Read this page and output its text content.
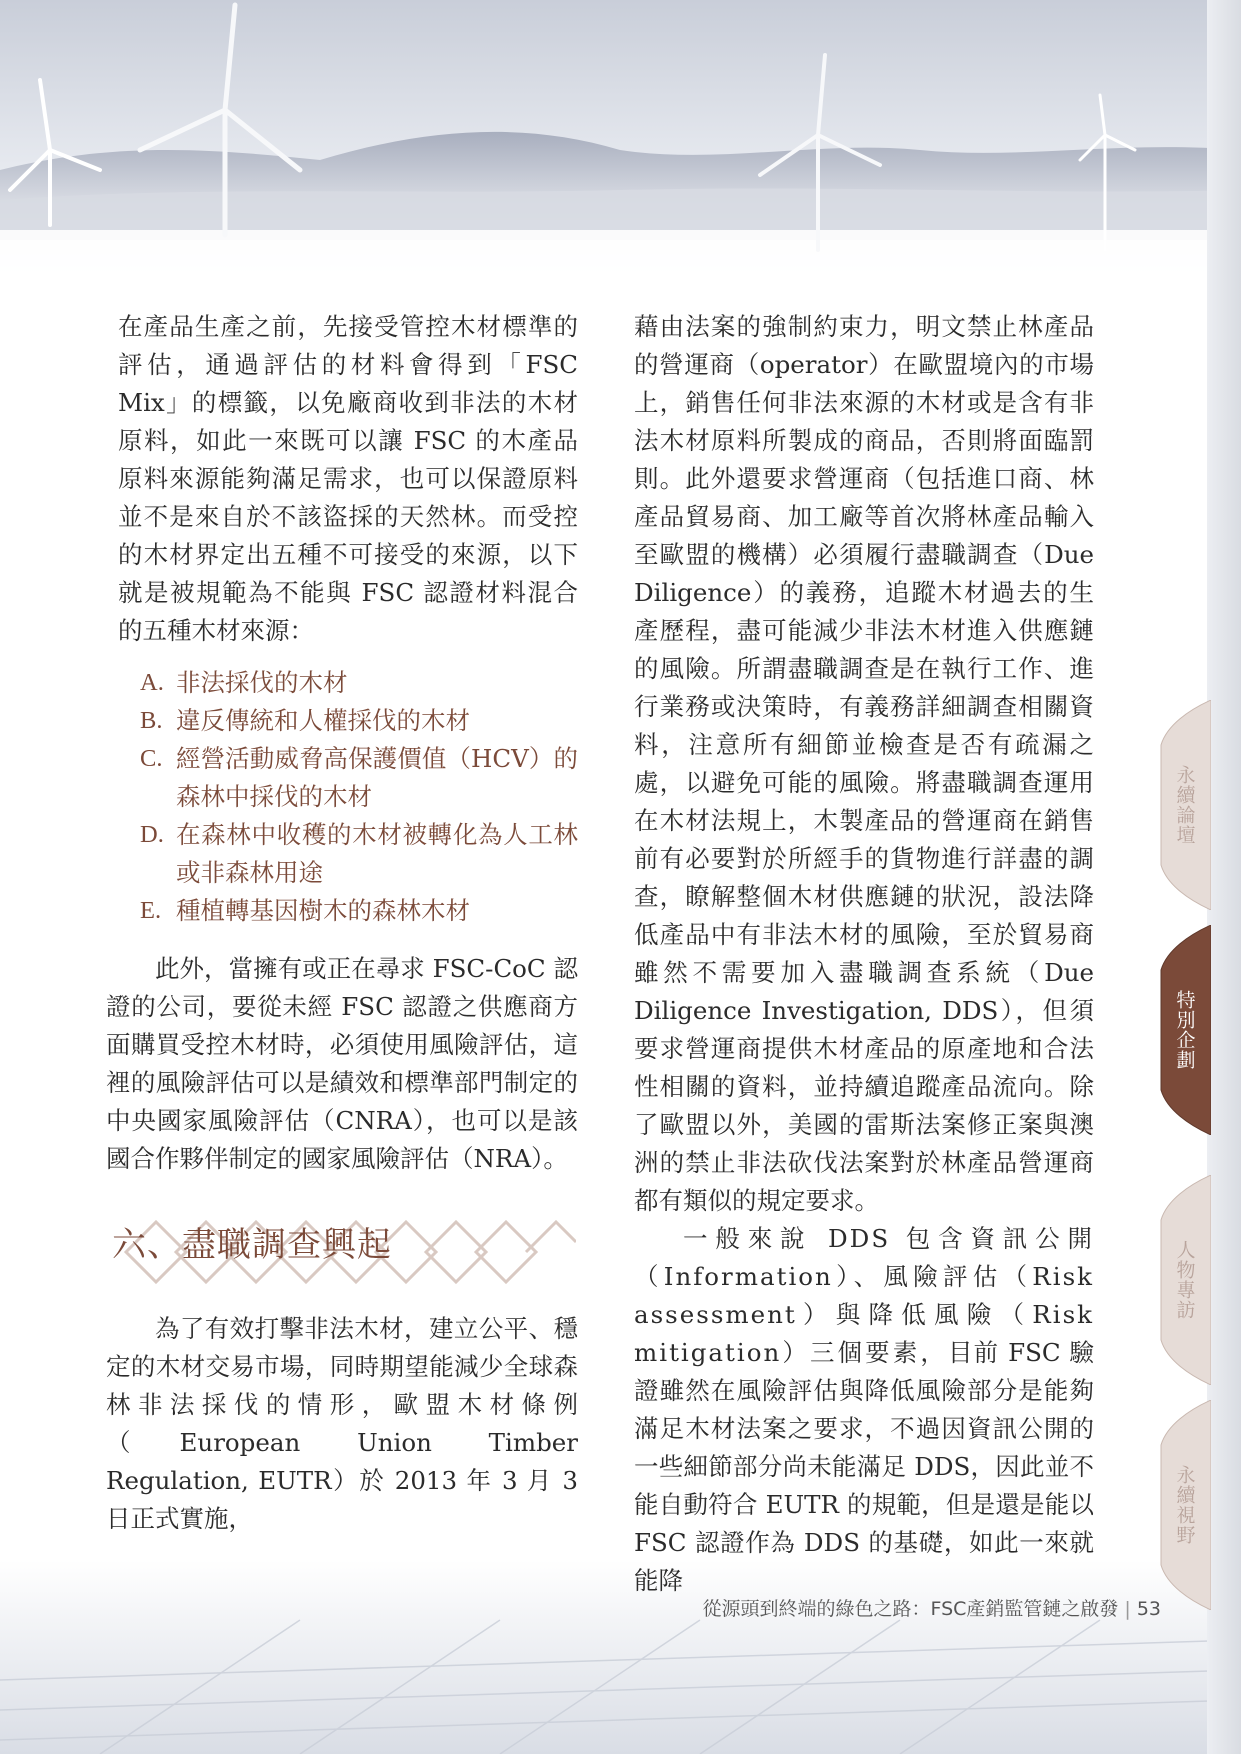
在產品生產之前，先接受管控木材標準的評估，通過評估的材料會得到「FSC Mix」的標籤，以免廠商收到非法的木材原料，如此一來既可以讓 FSC 的木產品原料來源能夠滿足需求，也可以保證原料並不是來自於不該盜採的天然林。而受控的木材界定出五種不可接受的來源，以下就是被規範為不能與 FSC 認證材料混合的五種木材來源：

A. 非法採伐的木材
B. 違反傳統和人權採伐的木材
C. 經營活動威脅高保護價值（HCV）的森林中採伐的木材
D. 在森林中收穫的木材被轉化為人工林或非森林用途
E. 種植轉基因樹木的森林木材

此外，當擁有或正在尋求 FSC-CoC 認證的公司，要從未經 FSC 認證之供應商方面購買受控木材時，必須使用風險評估，這裡的風險評估可以是績效和標準部門制定的中央國家風險評估（CNRA），也可以是該國合作夥伴制定的國家風險評估（NRA）。

六、盡職調查興起

為了有效打擊非法木材，建立公平、穩定的木材交易市場，同時期望能減少全球森林非法採伐的情形，歐盟木材條例（European Union Timber Regulation, EUTR）於 2013 年 3 月 3 日正式實施，

藉由法案的強制約束力，明文禁止林產品的營運商（operator）在歐盟境內的市場上，銷售任何非法來源的木材或是含有非法木材原料所製成的商品，否則將面臨罰則。此外還要求營運商（包括進口商、林產品貿易商、加工廠等首次將林產品輸入至歐盟的機構）必須履行盡職調查（Due Diligence）的義務，追蹤木材過去的生產歷程，盡可能減少非法木材進入供應鏈的風險。所謂盡職調查是在執行工作、進行業務或決策時，有義務詳細調查相關資料，注意所有細節並檢查是否有疏漏之處，以避免可能的風險。將盡職調查運用在木材法規上，木製產品的營運商在銷售前有必要對於所經手的貨物進行詳盡的調查，瞭解整個木材供應鏈的狀況，設法降低產品中有非法木材的風險，至於貿易商雖然不需要加入盡職調查系統（Due Diligence Investigation, DDS），但須要求營運商提供木材產品的原產地和合法性相關的資料，並持續追蹤產品流向。除了歐盟以外，美國的雷斯法案修正案與澳洲的禁止非法砍伐法案對於林產品營運商都有類似的規定要求。

一般來說 DDS 包含資訊公開（Information）、風險評估（Risk assessment）與降低風險（Risk mitigation）三個要素，目前 FSC 驗證雖然在風險評估與降低風險部分是能夠滿足木材法案之要求，不過因資訊公開的一些細節部分尚未能滿足 DDS，因此並不能自動符合 EUTR 的規範，但是還是能以 FSC 認證作為 DDS 的基礎，如此一來就能降

永續論壇
特別企劃
人物專訪
永續視野
從源頭到終端的綠色之路：FSC產銷監管鏈之啟發 | 53
